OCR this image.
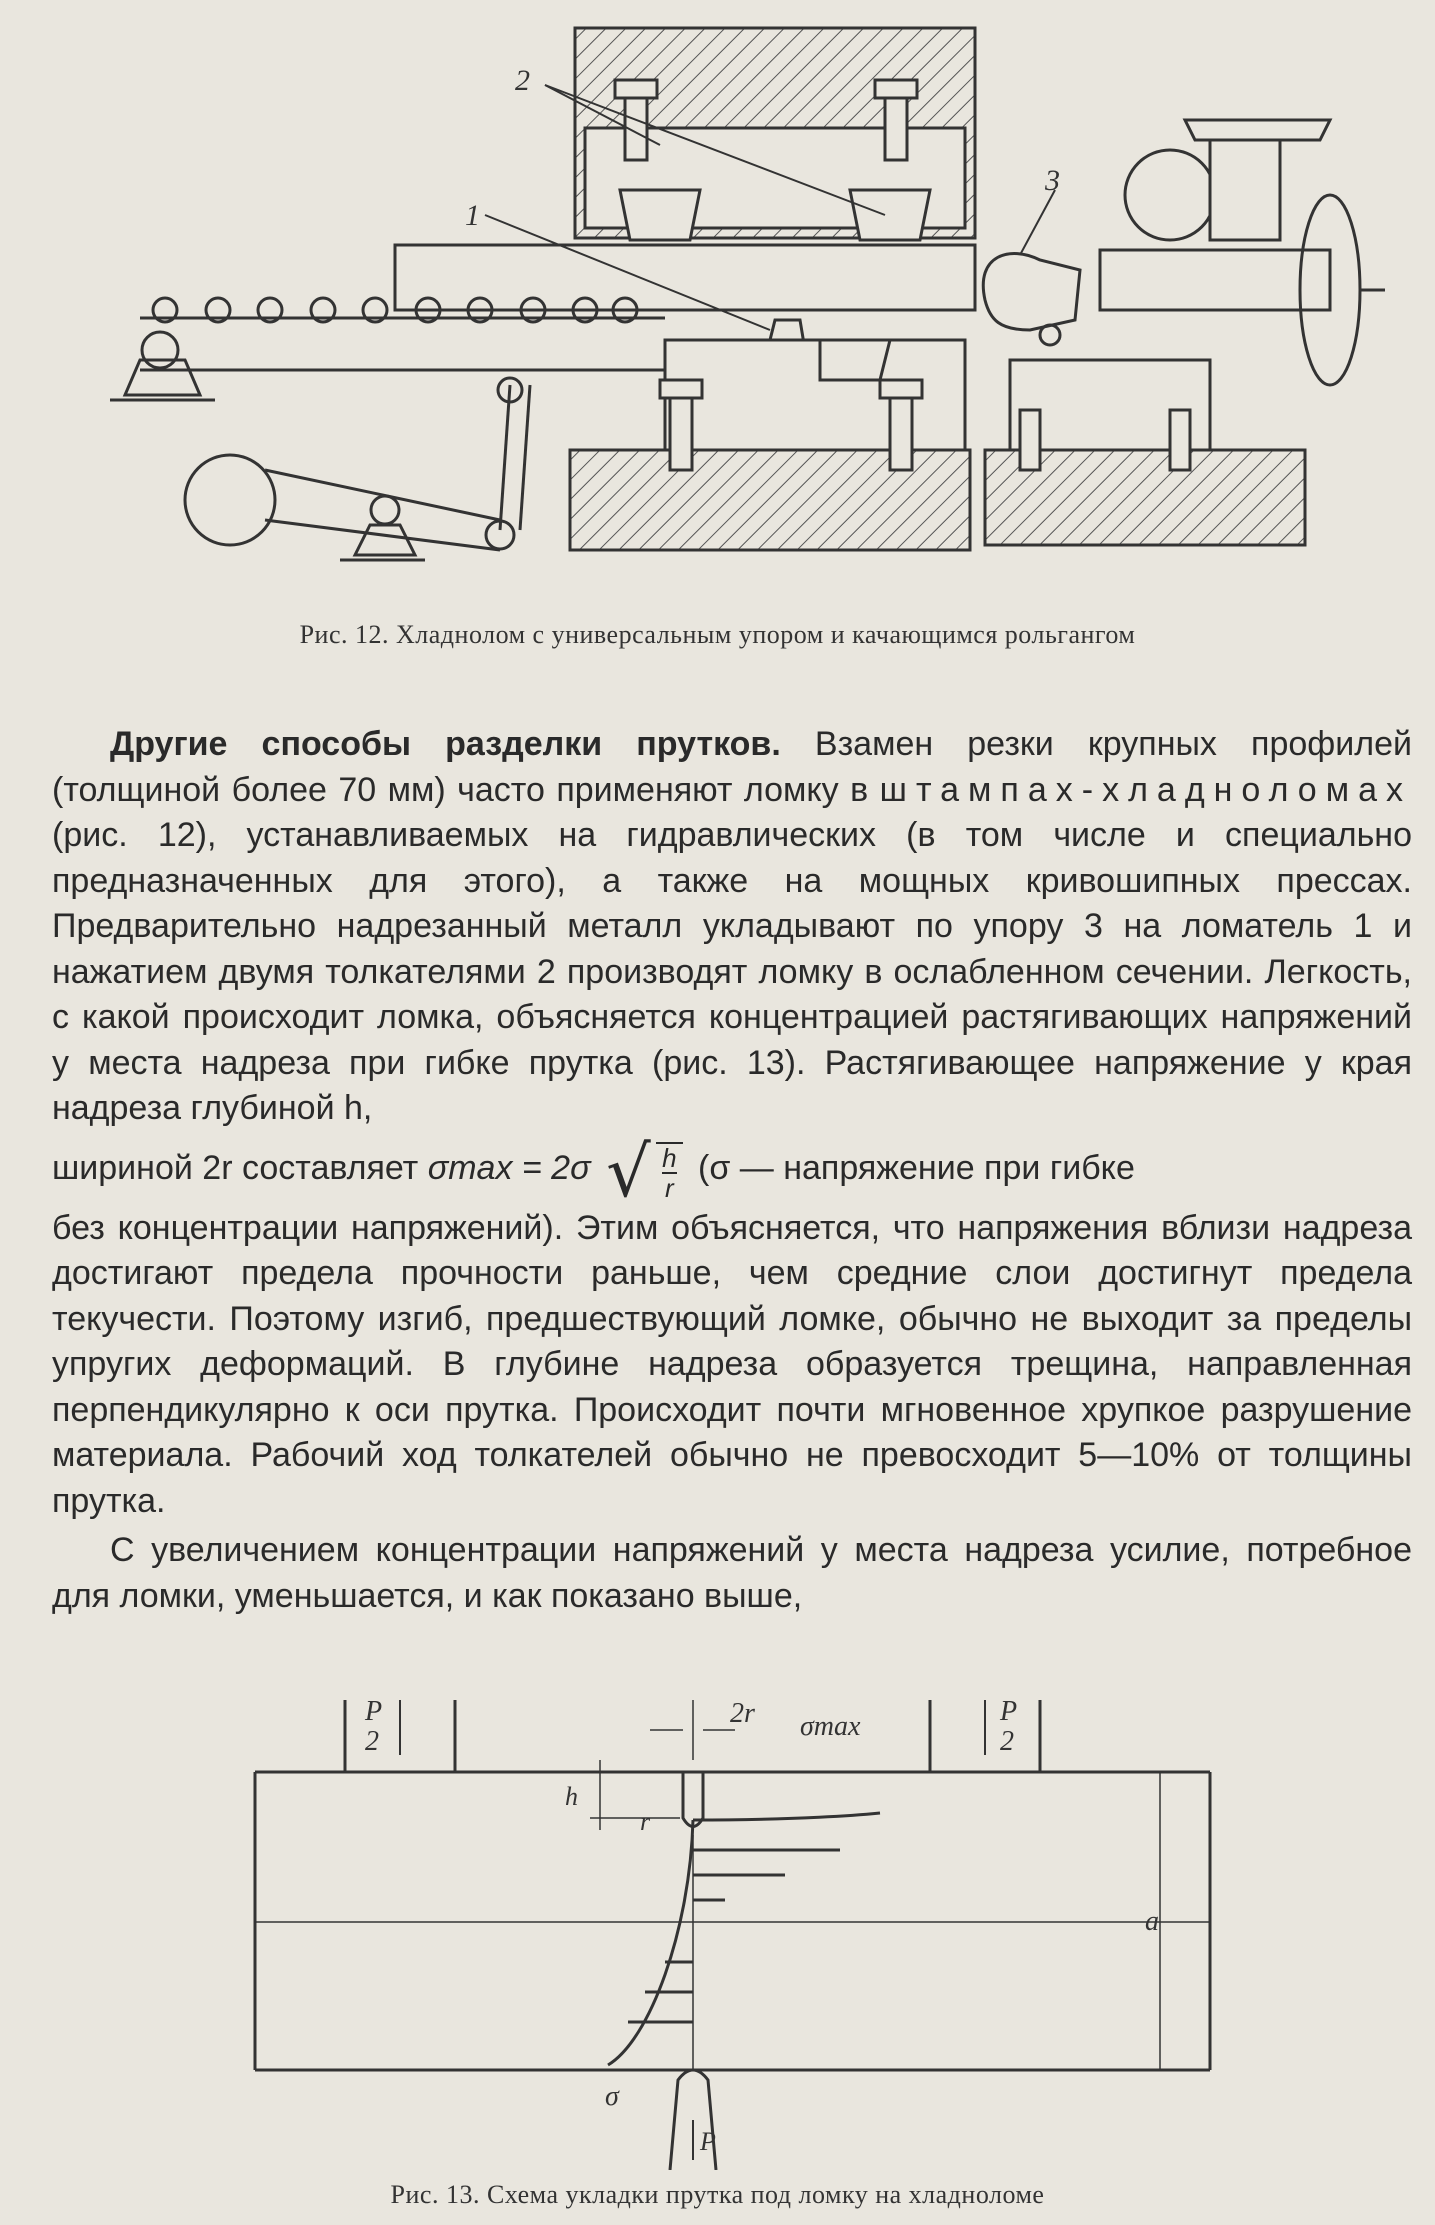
2
1
3
Рис. 12. Хладнолом с универсальным упором и качающимся рольгангом

Другие способы разделки прутков. Взамен резки крупных профилей (толщиной более 70 мм) часто применяют ломку в штампах-хладноломах (рис. 12), устанавливаемых на гидравлических (в том числе и специально предназначенных для этого), а также на мощных кривошипных прессах. Предварительно надрезанный металл укладывают по упору 3 на ломатель 1 и нажатием двумя толкателями 2 производят ломку в ослабленном сечении. Легкость, с какой происходит ломка, объясняется концентрацией растягивающих напряжений у места надреза при гибке прутка (рис. 13). Растягивающее напряжение у края надреза глубиной h,

шириной 2r составляет σmax = 2σ √ $\frac{h}{r} (\sigma$ — напряжение при гибке

без концентрации напряжений). Этим объясняется, что напряжения вблизи надреза достигают предела прочности раньше, чем средние слои достигнут предела текучести. Поэтому изгиб, предшествующий ломке, обычно не выходит за пределы упругих деформаций. В глубине надреза образуется трещина, направленная перпендикулярно к оси прутка. Происходит почти мгновенное хрупкое разрушение материала. Рабочий ход толкателей обычно не превосходит 5—10% от толщины прутка.

С увеличением концентрации напряжений у места надреза усилие, потребное для ломки, уменьшается, и как показано выше,

P
2
P
2
h
2r σmax
r
a
σ
P
Рис. 13. Схема укладки прутка под ломку на хладноломе
